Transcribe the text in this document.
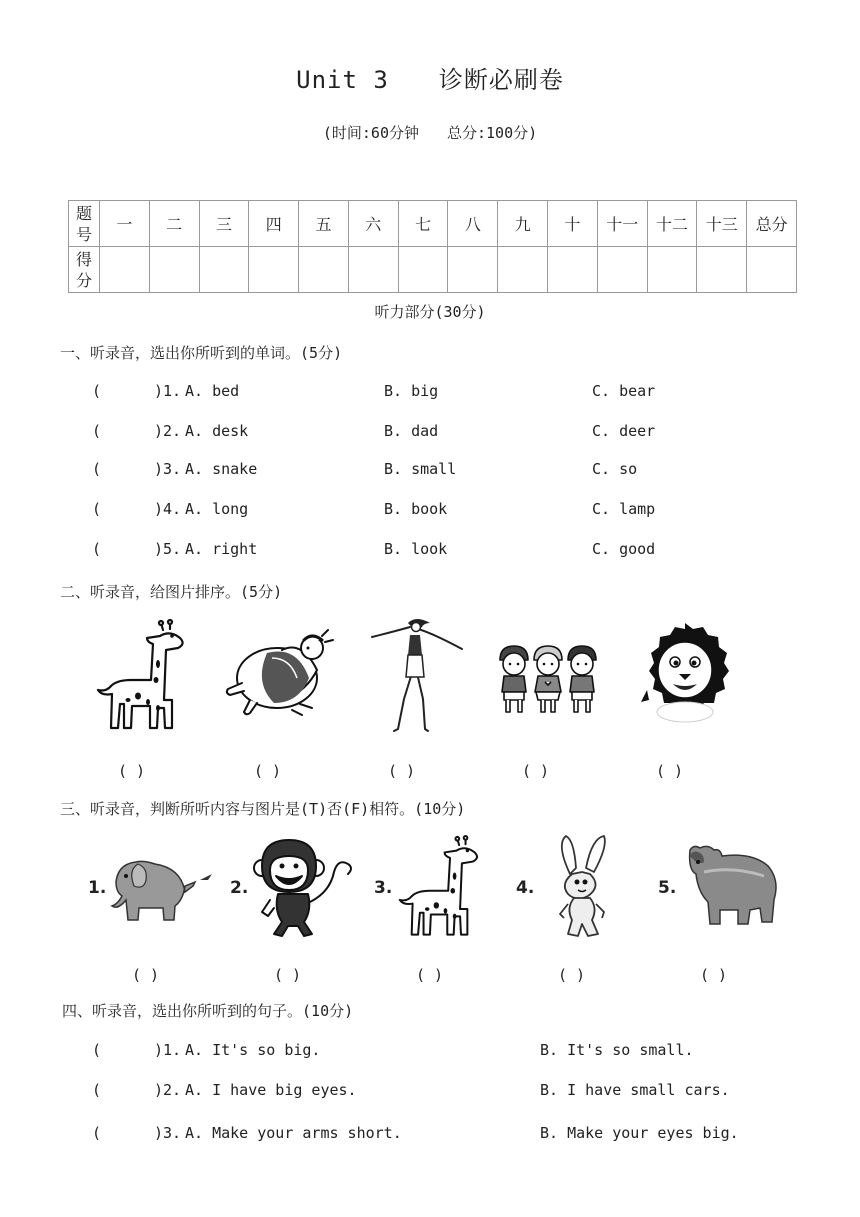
Unit 3 诊断必刷卷
(时间:60分钟 总分:100分)
题号	一	二	三	四	五	六	七	八	九	十	十一	十二	十三	总分
得分														
听力部分(30分)
一、听录音，选出你所听到的单词。(5分)
(	)1. A. bed	B. big	C. bear
(	)2. A. desk	B. dad	C. deer
(	)3. A. snake	B. small	C. so
(	)4. A. long	B. book	C. lamp
(	)5. A. right	B. look	C. good
二、听录音，给图片排序。(5分)
( )	( )	( )	( )	( )
三、听录音，判断所听内容与图片是(T)否(F)相符。(10分)
1.	2.	3.	4.	5.
( )	( )	( )	( )	( )
四、听录音，选出你所听到的句子。(10分)
(	)1. A. It's so big.	B. It's so small.
(	)2. A. I have big eyes.	B. I have small cars.
(	)3. A. Make your arms short.	B. Make your eyes big.
